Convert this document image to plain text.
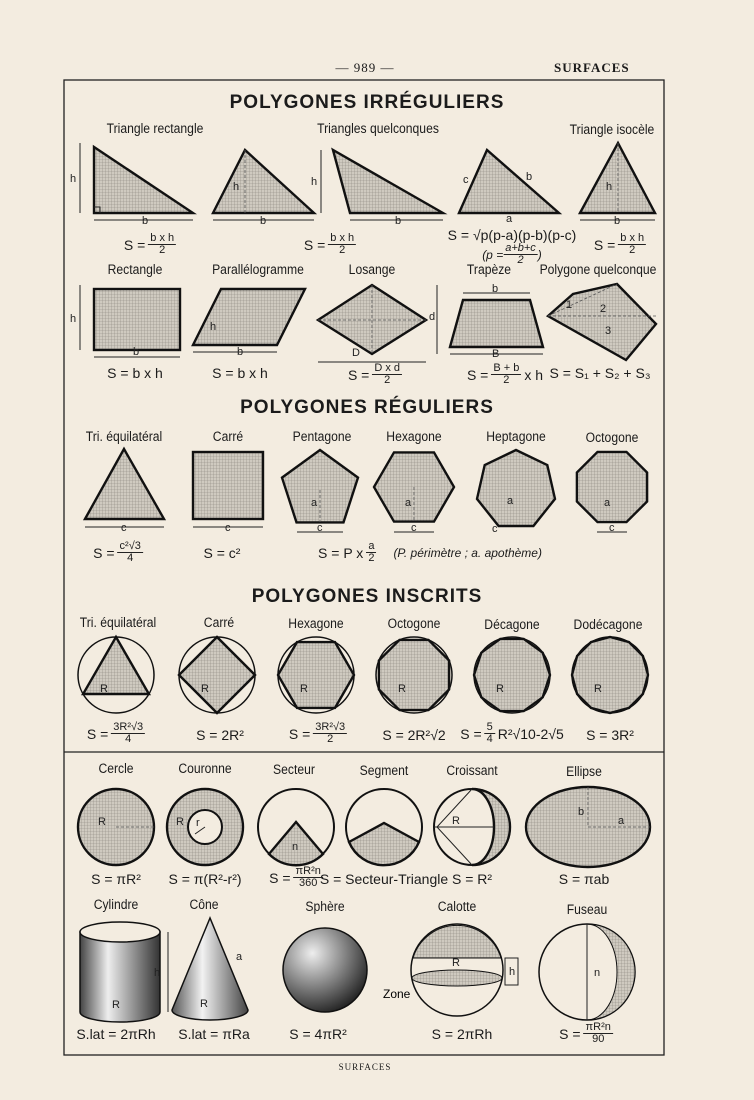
h
b
h
b
h
b
c	b
a
h
b
h
b	b
h
D
d
b
B
1	2
3
c	c	c
a
c
a
c
a
c
a
R	R	R	R	R	R
R	R r
n
R	a
b
h
R
a
R
h
R
Zone
n
— 989 —	SURFACES
SURFACES
POLYGONES IRRÉGULIERS
POLYGONES RÉGULIERS
POLYGONES INSCRITS
Triangle rectangle
$S = \frac{\text{b x h}}{2}$
Triangles quelconques
$S = \frac{\text{b x h}}{2}$	S = √p(p-a)(p-b)(p-c)
($p = \frac{a+b+c}{2}$ )
Triangle isocèle
$S = \frac{\text{b x h}}{2}$
Rectangle
S = b x h
Parallélogramme
S = b x h
Losange
$S = \frac{\text{D x d}}{2}$
Trapèze
$S = \frac{B + b}{2}$ x h
Polygone quelconque
S = S₁ + S₂ + S₃
Tri. équilatéral
$S = \frac{\text{c²√3}}{4}$
Carré
S = c²
Pentagone	Hexagone	Heptagone	Octogone
S = P x $\frac{a}{2} (P$. périmètre ; a. apothème)
Tri. équilatéral
$S = \frac{\text{3R²√3}}{4}$
Carré
S = 2R²
Hexagone
$S = \frac{\text{3R²√3}}{2}$
Octogone
S = 2R²√2
Décagone
$S = \frac{5}{4} R^2√10-2√5$
Dodécagone
S = 3R²
Cercle
S = πR²
Couronne
S = π(R²-r²)
Secteur
$S = \frac{\text{πR²n}}{360}$
Segment
S = Secteur-Triangle
Croissant
S = R²
Ellipse
S = πab
Cylindre
S.lat = 2πRh
Cône
S.lat = πRa
Sphère
S = 4πR²
Calotte
S = 2πRh
Fuseau
$S = \frac{\text{πR²n}}{90}$
